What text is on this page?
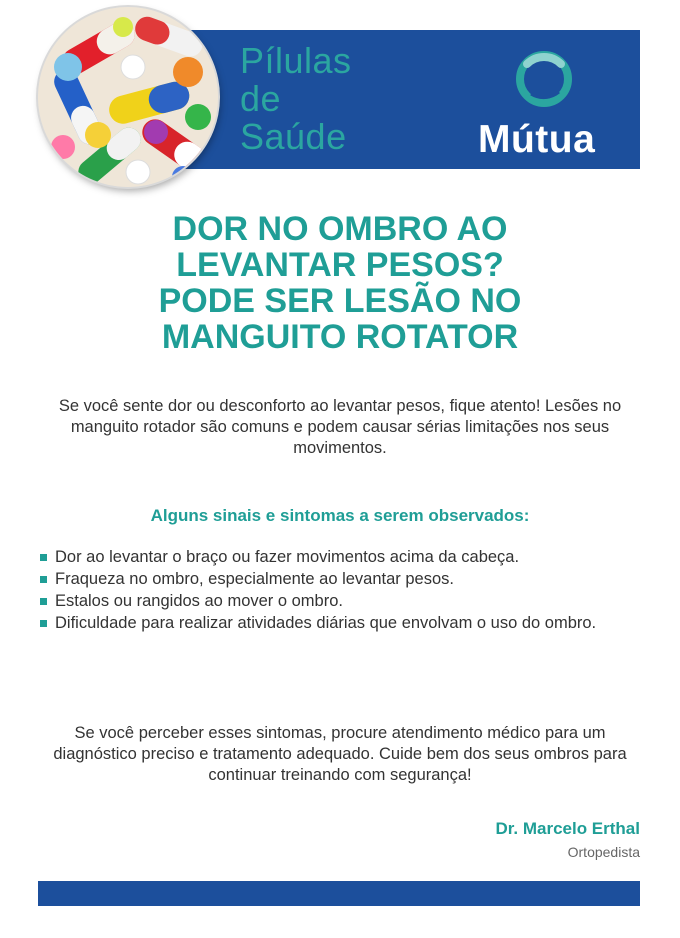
Pílulas
de
Saúde	Mútua
DOR NO OMBRO AO
LEVANTAR PESOS?
PODE SER LESÃO NO
MANGUITO ROTATOR
Se você sente dor ou desconforto ao levantar pesos, fique atento! Lesões no manguito rotador são comuns e podem causar sérias limitações nos seus movimentos.
Alguns sinais e sintomas a serem observados:
Dor ao levantar o braço ou fazer movimentos acima da cabeça.
Fraqueza no ombro, especialmente ao levantar pesos.
Estalos ou rangidos ao mover o ombro.
Dificuldade para realizar atividades diárias que envolvam o uso do ombro.
Se você perceber esses sintomas, procure atendimento médico para um diagnóstico preciso e tratamento adequado. Cuide bem dos seus ombros para continuar treinando com segurança!
Dr. Marcelo Erthal
Ortopedista
